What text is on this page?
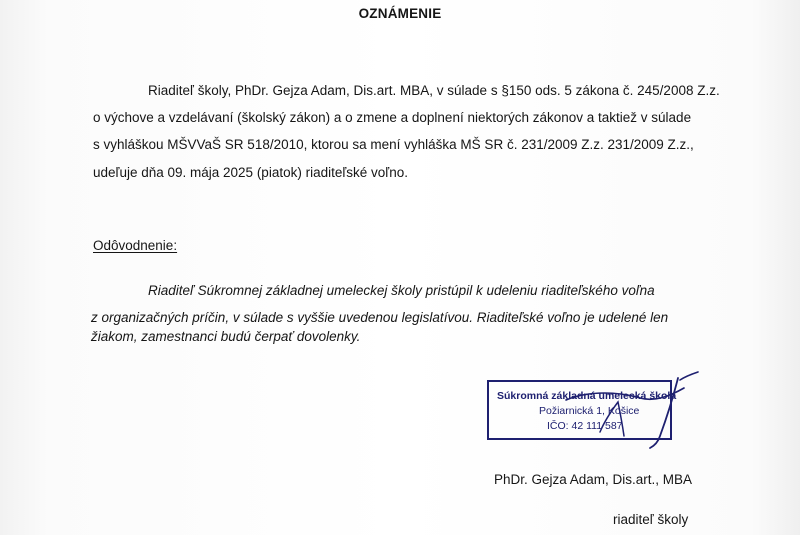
OZNÁMENIE
Riaditeľ školy, PhDr. Gejza Adam, Dis.art. MBA, v súlade s §150 ods. 5 zákona č. 245/2008 Z.z.
o výchove a vzdelávaní (školský zákon) a o zmene a doplnení niektorých zákonov a taktiež v súlade
s vyhláškou MŠVVaŠ SR 518/2010, ktorou sa mení vyhláška MŠ SR č. 231/2009 Z.z. 231/2009 Z.z.,
udeľuje dňa 09. mája 2025 (piatok) riaditeľské voľno.
Odôvodnenie:
Riaditeľ Súkromnej základnej umeleckej školy pristúpil k udeleniu riaditeľského voľna
z organizačných príčin, v súlade s vyššie uvedenou legislatívou. Riaditeľské voľno je udelené len
žiakom, zamestnanci budú čerpať dovolenky.
Súkromná základná umelecká škola
Požiarnická 1, Košice
IČO: 42 111 587
PhDr. Gejza Adam, Dis.art., MBA
riaditeľ školy
